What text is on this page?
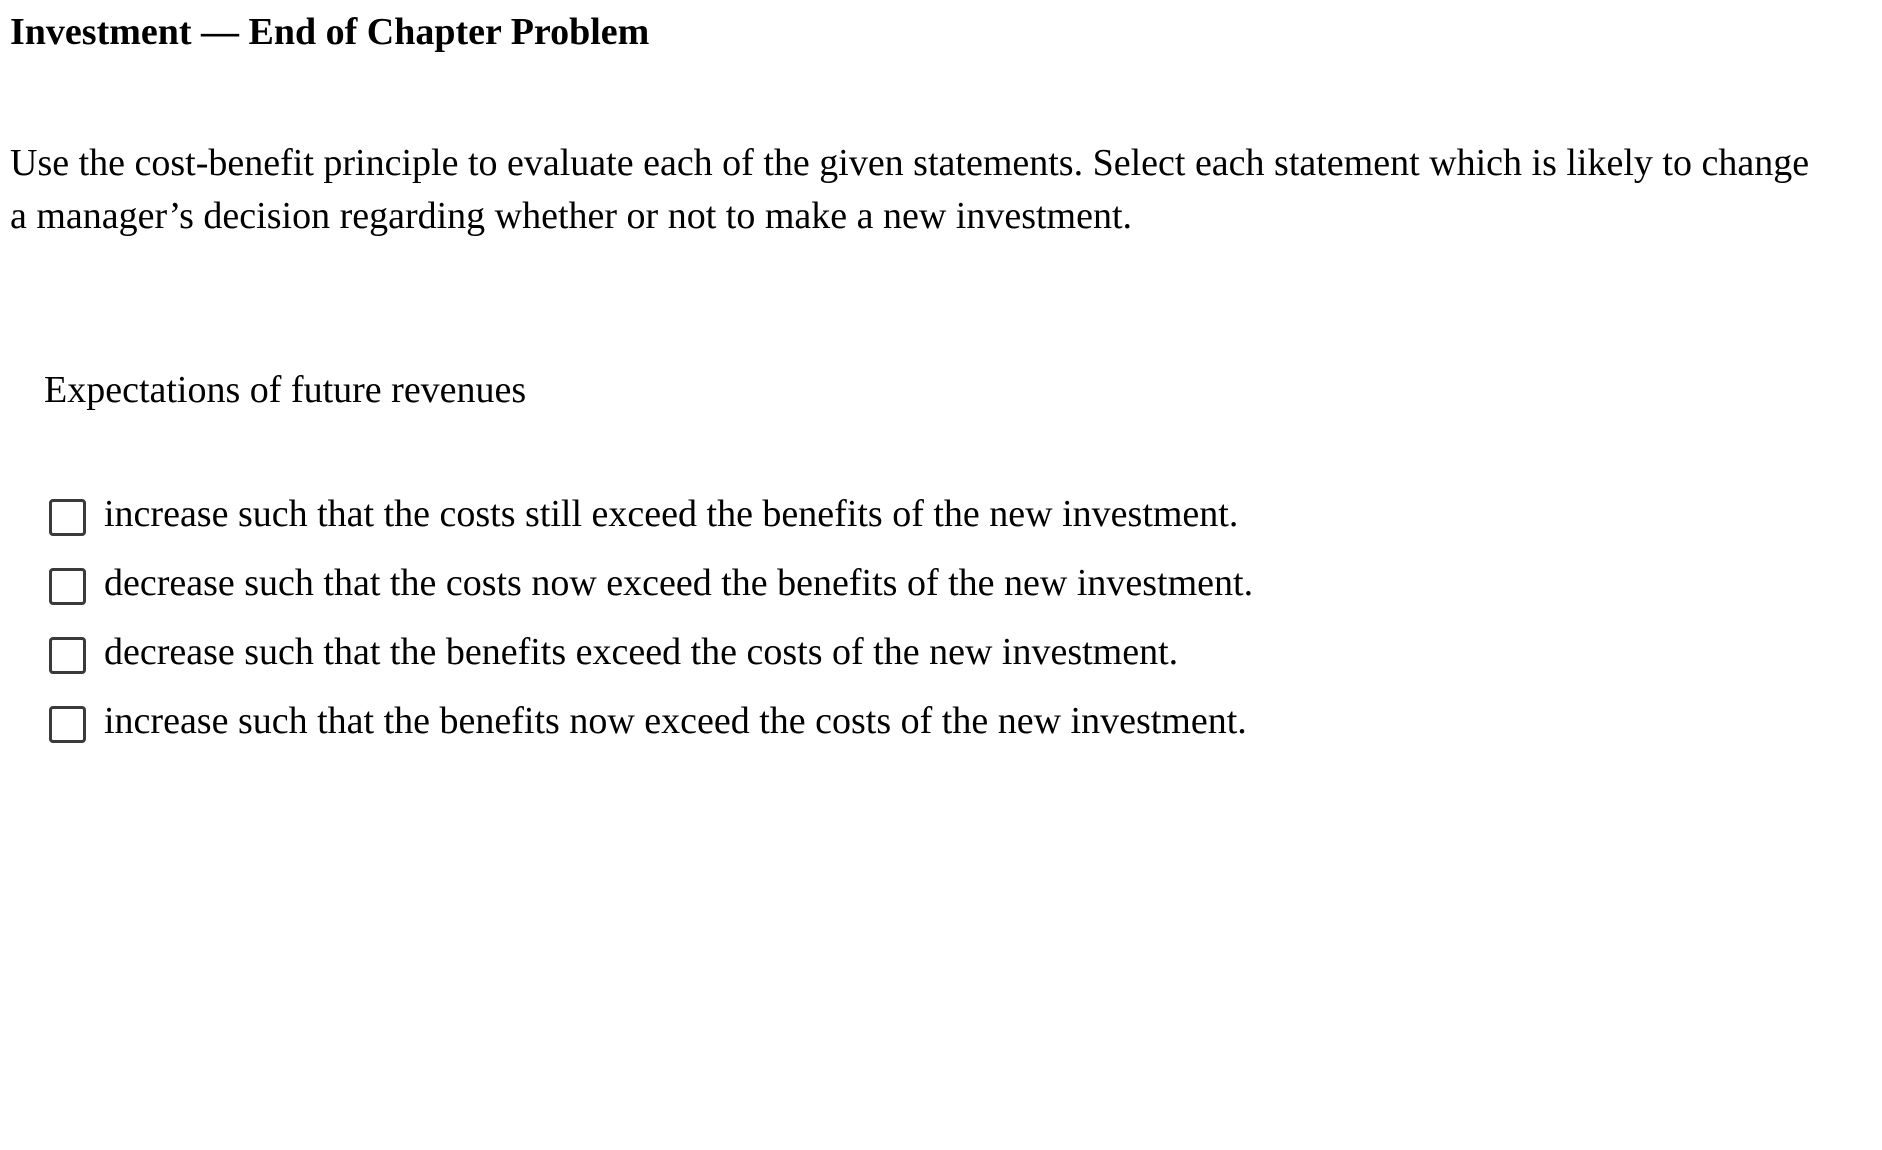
Investment — End of Chapter Problem

Use the cost-benefit principle to evaluate each of the given statements. Select each statement which is likely to change a manager’s decision regarding whether or not to make a new investment.

Expectations of future revenues

increase such that the costs still exceed the benefits of the new investment.
decrease such that the costs now exceed the benefits of the new investment.
decrease such that the benefits exceed the costs of the new investment.
increase such that the benefits now exceed the costs of the new investment.
